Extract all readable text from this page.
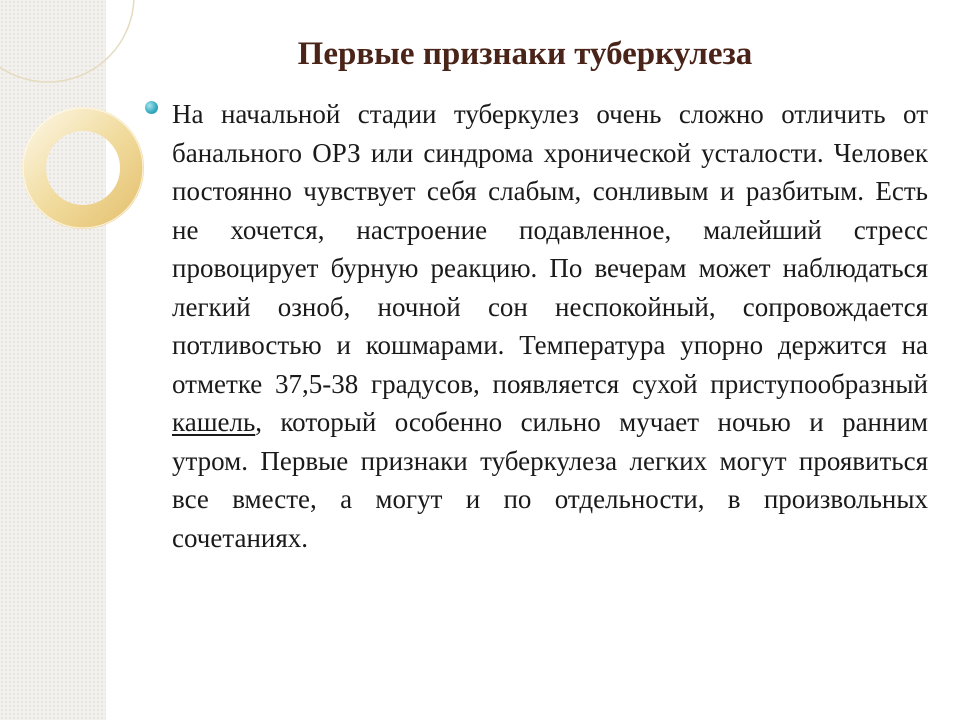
Первые признаки туберкулеза

На начальной стадии туберкулез очень сложно отличить от банального ОРЗ или синдрома хронической усталости. Человек постоянно чувствует себя слабым, сонливым и разбитым. Есть не хочется, настроение подавленное, малейший стресс провоцирует бурную реакцию. По вечерам может наблюдаться легкий озноб, ночной сон неспокойный, сопровождается потливостью и кошмарами. Температура упорно держится на отметке 37,5-38 градусов, появляется сухой приступообразный кашель, который особенно сильно мучает ночью и ранним утром. Первые признаки туберкулеза легких могут проявиться все вместе, а могут и по отдельности, в произвольных сочетаниях.
